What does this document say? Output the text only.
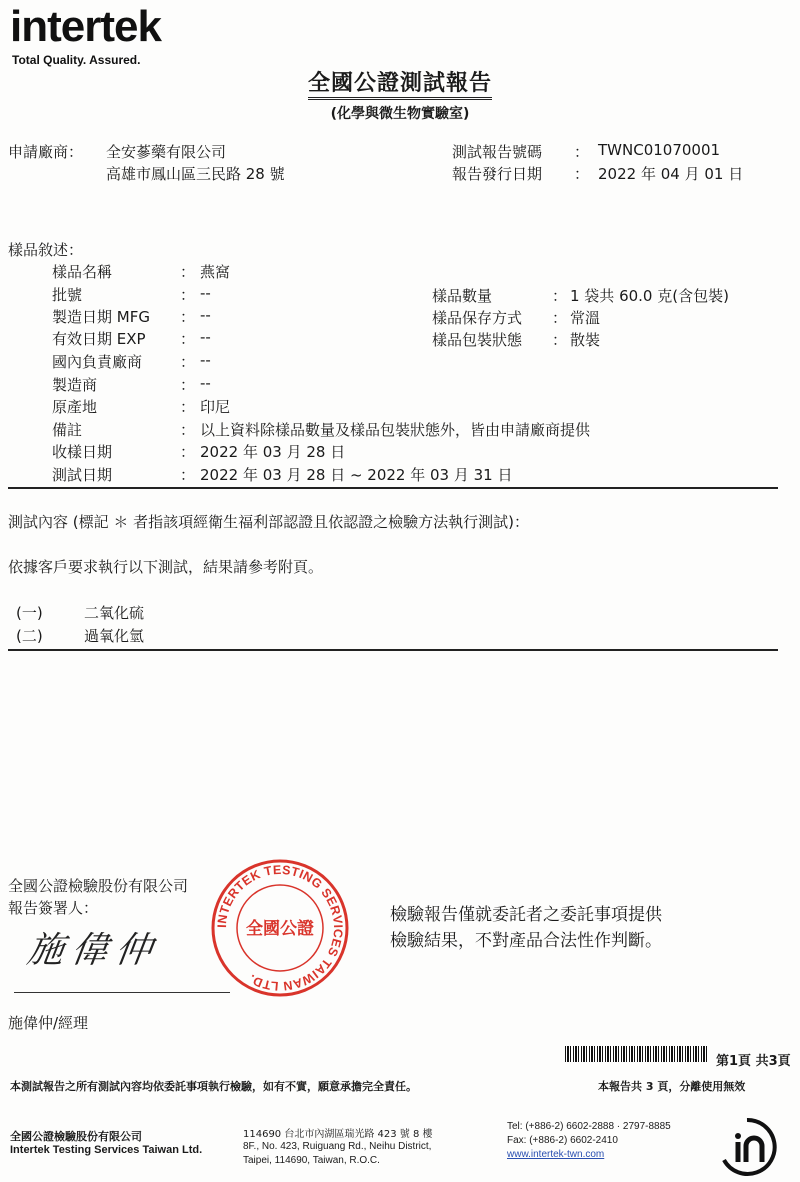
intertek
Total Quality. Assured.
全國公證測試報告
(化學與微生物實驗室)
申請廠商： 全安蔘藥有限公司
高雄市鳳山區三民路 28 號
測試報告號碼 ： TWNC01070001
報告發行日期 ： 2022 年 04 月 01 日
樣品敘述：
樣品名稱	： 燕窩
批號	： --
製造日期 MFG ： --
有效日期 EXP ： --
國內負責廠商	： --
製造商	： --
原產地	： 印尼
備註	： 以上資料除樣品數量及樣品包裝狀態外，皆由申請廠商提供
收樣日期	： 2022 年 03 月 28 日
測試日期	： 2022 年 03 月 28 日 ~ 2022 年 03 月 31 日
樣品數量	： 1 袋共 60.0 克(含包裝)
樣品保存方式 ： 常溫
樣品包裝狀態 ： 散裝
測試內容 (標記 ＊ 者指該項經衛生福利部認證且依認證之檢驗方法執行測試)：
依據客戶要求執行以下測試，結果請參考附頁。
(一)	二氧化硫
(二)	過氧化氫
全國公證檢驗股份有限公司
報告簽署人：
施偉仲
施偉仲/經理
INTERTEK TESTING SERVICES TAIWAN LTD.
全國公證
檢驗報告僅就委託者之委託事項提供
檢驗結果，不對產品合法性作判斷。
第1頁 共3頁
本測試報告之所有測試內容均依委託事項執行檢驗，如有不實，願意承擔完全責任。	本報告共 3 頁，分離使用無效
全國公證檢驗股份有限公司
Intertek Testing Services Taiwan Ltd.
114690 台北市內湖區瑞光路 423 號 8 樓
8F., No. 423, Ruiguang Rd., Neihu District,
Taipei, 114690, Taiwan, R.O.C.
Tel: (+886-2) 6602-2888 · 2797-8885
Fax: (+886-2) 6602-2410
www.intertek-twn.com
